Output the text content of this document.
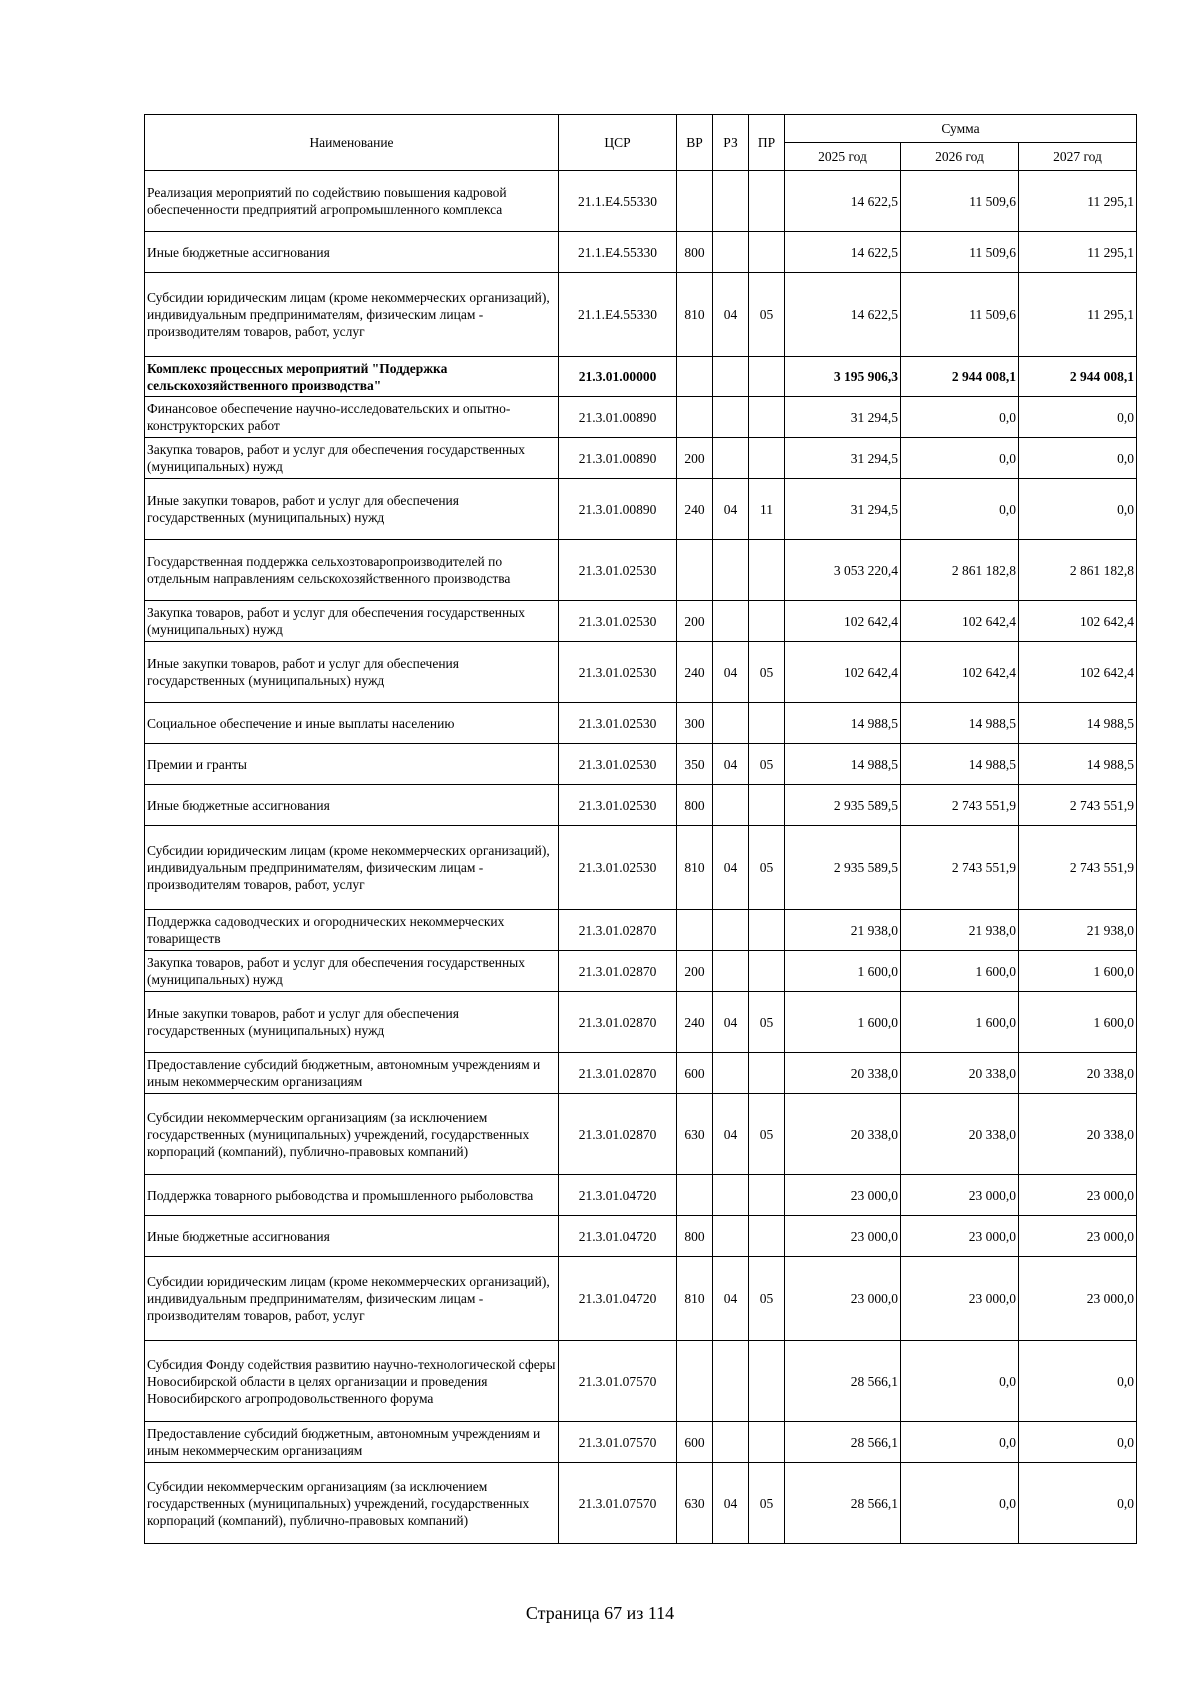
Наименование	ЦСР	ВР	РЗ	ПР	Сумма		
					2025 год	2026 год	2027 год
Реализация мероприятий по содействию повышения кадровой обеспеченности предприятий агропромышленного комплекса	21.1.Е4.55330				14 622,5	11 509,6	11 295,1
Иные бюджетные ассигнования	21.1.Е4.55330	800			14 622,5	11 509,6	11 295,1
Субсидии юридическим лицам (кроме некоммерческих организаций), индивидуальным предпринимателям, физическим лицам - производителям товаров, работ, услуг	21.1.Е4.55330	810	04	05	14 622,5	11 509,6	11 295,1
Комплекс процессных мероприятий "Поддержка сельскохозяйственного производства"	21.3.01.00000				3 195 906,3	2 944 008,1	2 944 008,1
Финансовое обеспечение научно-исследовательских и опытно-конструкторских работ	21.3.01.00890				31 294,5	0,0	0,0
Закупка товаров, работ и услуг для обеспечения государственных (муниципальных) нужд	21.3.01.00890	200			31 294,5	0,0	0,0
Иные закупки товаров, работ и услуг для обеспечения государственных (муниципальных) нужд	21.3.01.00890	240	04	11	31 294,5	0,0	0,0
Государственная поддержка сельхозтоваропроизводителей по отдельным направлениям сельскохозяйственного производства	21.3.01.02530				3 053 220,4	2 861 182,8	2 861 182,8
Закупка товаров, работ и услуг для обеспечения государственных (муниципальных) нужд	21.3.01.02530	200			102 642,4	102 642,4	102 642,4
Иные закупки товаров, работ и услуг для обеспечения государственных (муниципальных) нужд	21.3.01.02530	240	04	05	102 642,4	102 642,4	102 642,4
Социальное обеспечение и иные выплаты населению	21.3.01.02530	300			14 988,5	14 988,5	14 988,5
Премии и гранты	21.3.01.02530	350	04	05	14 988,5	14 988,5	14 988,5
Иные бюджетные ассигнования	21.3.01.02530	800			2 935 589,5	2 743 551,9	2 743 551,9
Субсидии юридическим лицам (кроме некоммерческих организаций), индивидуальным предпринимателям, физическим лицам - производителям товаров, работ, услуг	21.3.01.02530	810	04	05	2 935 589,5	2 743 551,9	2 743 551,9
Поддержка садоводческих и огороднических некоммерческих товариществ	21.3.01.02870				21 938,0	21 938,0	21 938,0
Закупка товаров, работ и услуг для обеспечения государственных (муниципальных) нужд	21.3.01.02870	200			1 600,0	1 600,0	1 600,0
Иные закупки товаров, работ и услуг для обеспечения государственных (муниципальных) нужд	21.3.01.02870	240	04	05	1 600,0	1 600,0	1 600,0
Предоставление субсидий бюджетным, автономным учреждениям и иным некоммерческим организациям	21.3.01.02870	600			20 338,0	20 338,0	20 338,0
Субсидии некоммерческим организациям (за исключением государственных (муниципальных) учреждений, государственных корпораций (компаний), публично-правовых компаний)	21.3.01.02870	630	04	05	20 338,0	20 338,0	20 338,0
Поддержка товарного рыбоводства и промышленного рыболовства	21.3.01.04720				23 000,0	23 000,0	23 000,0
Иные бюджетные ассигнования	21.3.01.04720	800			23 000,0	23 000,0	23 000,0
Субсидии юридическим лицам (кроме некоммерческих организаций), индивидуальным предпринимателям, физическим лицам - производителям товаров, работ, услуг	21.3.01.04720	810	04	05	23 000,0	23 000,0	23 000,0
Субсидия Фонду содействия развитию научно-технологической сферы Новосибирской области в целях организации и проведения Новосибирского агропродовольственного форума	21.3.01.07570				28 566,1	0,0	0,0
Предоставление субсидий бюджетным, автономным учреждениям и иным некоммерческим организациям	21.3.01.07570	600			28 566,1	0,0	0,0
Субсидии некоммерческим организациям (за исключением государственных (муниципальных) учреждений, государственных корпораций (компаний), публично-правовых компаний)	21.3.01.07570	630	04	05	28 566,1	0,0	0,0
Страница 67 из 114
